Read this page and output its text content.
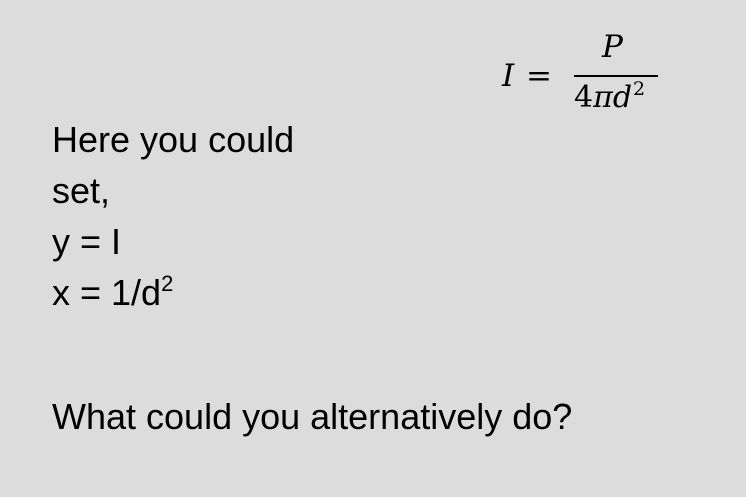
I =
P
$4\pi d^2$

Here you could

set,

y = I

$x = 1/d^2$

What could you alternatively do?
